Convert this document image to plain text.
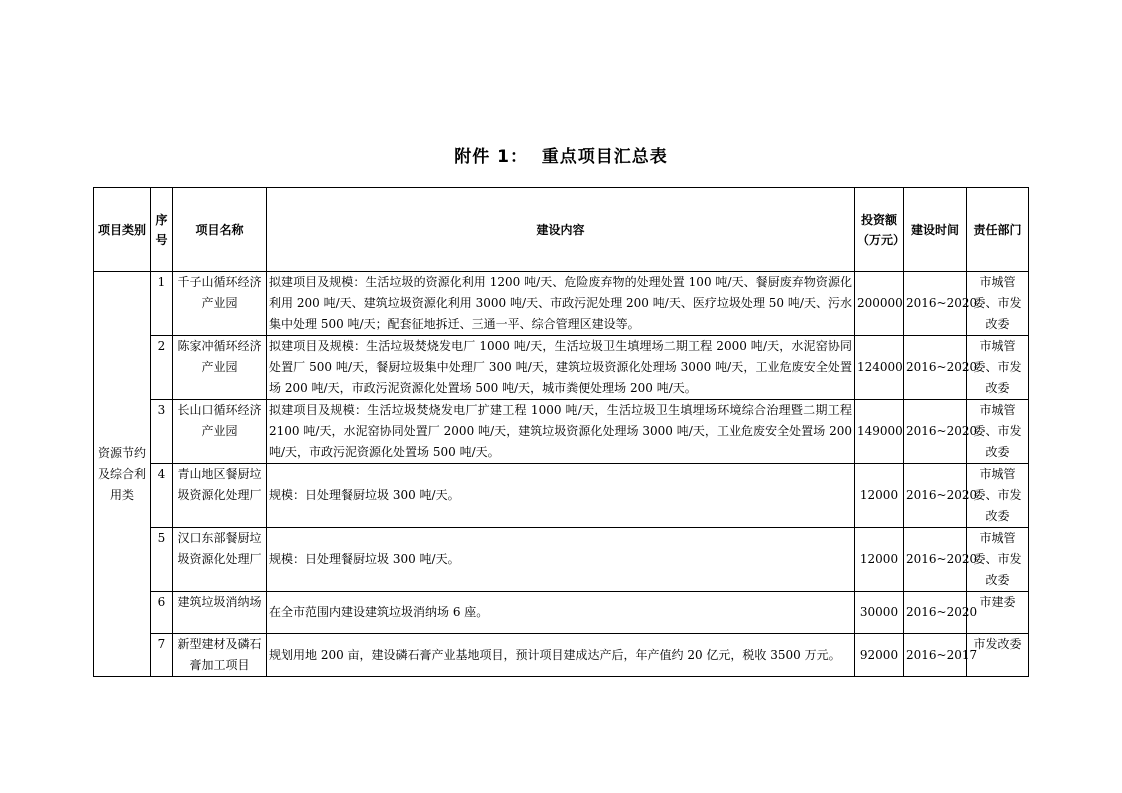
附件 1：  重点项目汇总表
项目类别	序号	项目名称	建设内容	投资额（万元）	建设时间	责任部门
资源节约及综合利用类	1	千子山循环经济产业园	拟建项目及规模：生活垃圾的资源化利用 1200 吨/天、危险废弃物的处理处置 100 吨/天、餐厨废弃物资源化利用 200 吨/天、建筑垃圾资源化利用 3000 吨/天、市政污泥处理 200 吨/天、医疗垃圾处理 50 吨/天、污水集中处理 500 吨/天；配套征地拆迁、三通一平、综合管理区建设等。	200000	2016~2020	市城管委、市发改委
	2	陈家冲循环经济产业园	拟建项目及规模：生活垃圾焚烧发电厂 1000 吨/天，生活垃圾卫生填埋场二期工程 2000 吨/天，水泥窑协同处置厂 500 吨/天，餐厨垃圾集中处理厂 300 吨/天，建筑垃圾资源化处理场 3000 吨/天，工业危废安全处置场 200 吨/天，市政污泥资源化处置场 500 吨/天，城市粪便处理场 200 吨/天。	124000	2016~2020	市城管委、市发改委
	3	长山口循环经济产业园	拟建项目及规模：生活垃圾焚烧发电厂扩建工程 1000 吨/天，生活垃圾卫生填埋场环境综合治理暨二期工程 2100 吨/天，水泥窑协同处置厂 2000 吨/天，建筑垃圾资源化处理场 3000 吨/天，工业危废安全处置场 200 吨/天，市政污泥资源化处置场 500 吨/天。	149000	2016~2020	市城管委、市发改委
	4	青山地区餐厨垃圾资源化处理厂	规模：日处理餐厨垃圾 300 吨/天。	12000	2016~2020	市城管委、市发改委
	5	汉口东部餐厨垃圾资源化处理厂	规模：日处理餐厨垃圾 300 吨/天。	12000	2016~2020	市城管委、市发改委
	6	建筑垃圾消纳场	在全市范围内建设建筑垃圾消纳场 6 座。	30000	2016~2020	市建委
	7	新型建材及磷石膏加工项目	规划用地 200 亩，建设磷石膏产业基地项目，预计项目建成达产后，年产值约 20 亿元，税收 3500 万元。	92000	2016~2017	市发改委
